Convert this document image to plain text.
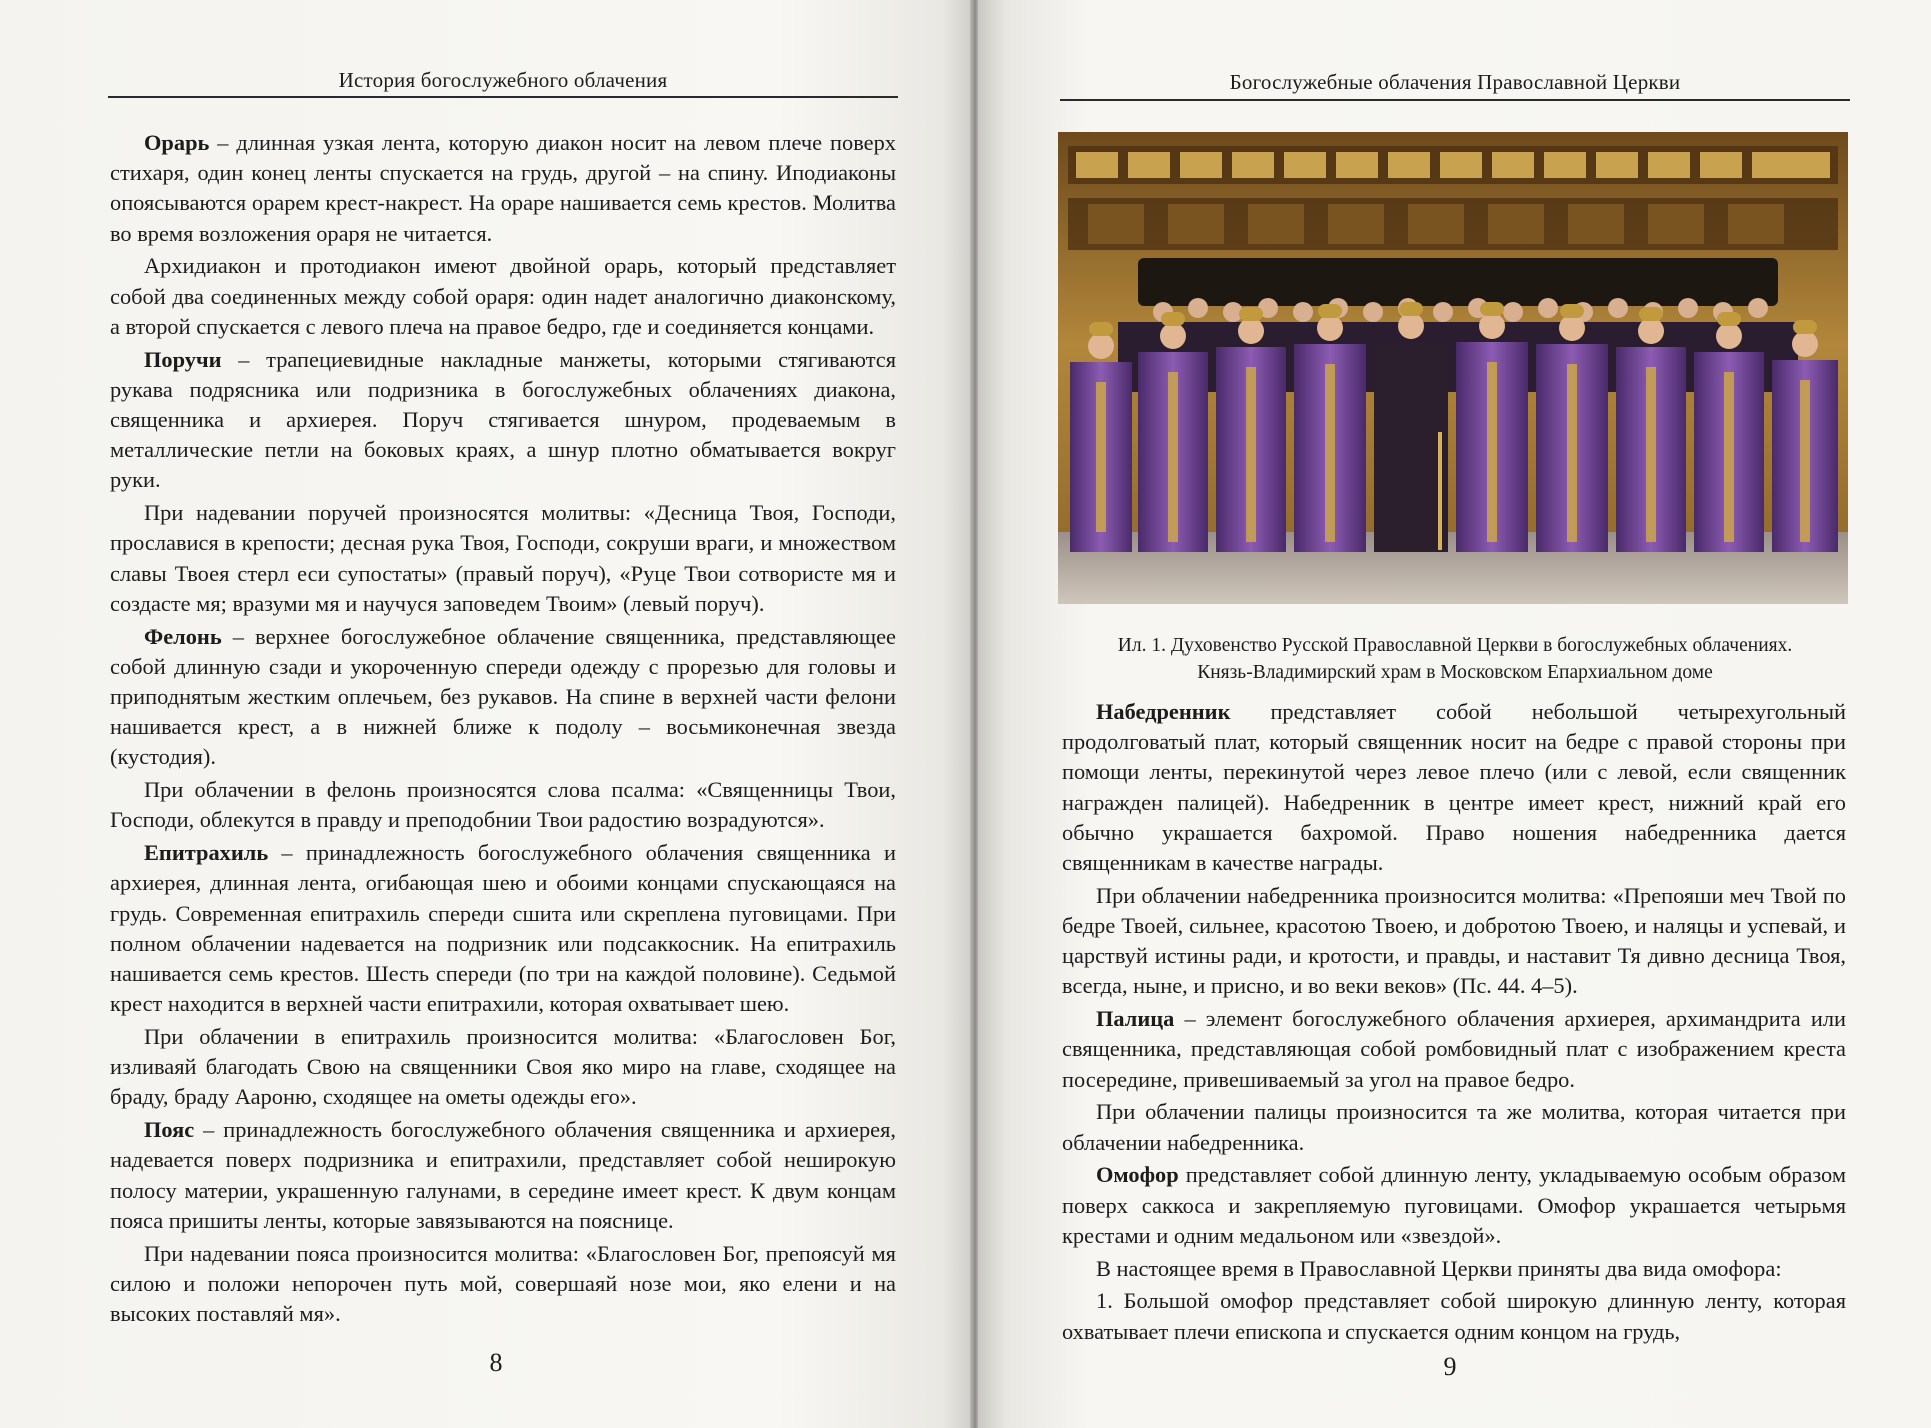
История богослужебного облачения

Орарь – длинная узкая лента, которую диакон носит на левом плече поверх стихаря, один конец ленты спускается на грудь, другой – на спину. Иподиаконы опоясываются орарем крест-накрест. На ораре нашивается семь крестов. Молитва во время возложения ораря не читается.

Архидиакон и протодиакон имеют двойной орарь, который представляет собой два соединенных между собой ораря: один надет аналогично диаконскому, а второй спускается с левого плеча на правое бедро, где и соединяется концами.

Поручи – трапециевидные накладные манжеты, которыми стягиваются рукава подрясника или подризника в богослужебных облачениях диакона, священника и архиерея. Поруч стягивается шнуром, продеваемым в металлические петли на боковых краях, а шнур плотно обматывается вокруг руки.

При надевании поручей произносятся молитвы: «Десница Твоя, Господи, прославися в крепости; десная рука Твоя, Господи, сокруши враги, и множеством славы Твоея стерл еси супостаты» (правый поруч), «Руце Твои сотвористе мя и создасте мя; вразуми мя и научуся заповедем Твоим» (левый поруч).

Фелонь – верхнее богослужебное облачение священника, представляющее собой длинную сзади и укороченную спереди одежду с прорезью для головы и приподнятым жестким оплечьем, без рукавов. На спине в верхней части фелони нашивается крест, а в нижней ближе к подолу – восьмиконечная звезда (кустодия).

При облачении в фелонь произносятся слова псалма: «Священницы Твои, Господи, облекутся в правду и преподобнии Твои радостию возрадуются».

Епитрахиль – принадлежность богослужебного облачения священника и архиерея, длинная лента, огибающая шею и обоими концами спускающаяся на грудь. Современная епитрахиль спереди сшита или скреплена пуговицами. При полном облачении надевается на подризник или подсаккосник. На епитрахиль нашивается семь крестов. Шесть спереди (по три на каждой половине). Седьмой крест находится в верхней части епитрахили, которая охватывает шею.

При облачении в епитрахиль произносится молитва: «Благословен Бог, изливаяй благодать Свою на священники Своя яко миро на главе, сходящее на браду, браду Аароню, сходящее на ометы одежды его».

Пояс – принадлежность богослужебного облачения священника и архиерея, надевается поверх подризника и епитрахили, представляет собой неширокую полосу материи, украшенную галунами, в середине имеет крест. К двум концам пояса пришиты ленты, которые завязываются на пояснице.

При надевании пояса произносится молитва: «Благословен Бог, препоясуй мя силою и положи непорочен путь мой, совершаяй нозе мои, яко елени и на высоких поставляй мя».

8
Богослужебные облачения Православной Церкви
Ил. 1. Духовенство Русской Православной Церкви в богослужебных облачениях.
Князь-Владимирский храм в Московском Епархиальном доме

Набедренник представляет собой небольшой четырехугольный продолговатый плат, который священник носит на бедре с правой стороны при помощи ленты, перекинутой через левое плечо (или с левой, если священник награжден палицей). Набедренник в центре имеет крест, нижний край его обычно украшается бахромой. Право ношения набедренника дается священникам в качестве награды.

При облачении набедренника произносится молитва: «Препояши меч Твой по бедре Твоей, сильнее, красотою Твоею, и добротою Твоею, и наляцы и успевай, и царствуй истины ради, и кротости, и правды, и наставит Тя дивно десница Твоя, всегда, ныне, и присно, и во веки веков» (Пс. 44. 4–5).

Палица – элемент богослужебного облачения архиерея, архимандрита или священника, представляющая собой ромбовидный плат с изображением креста посередине, привешиваемый за угол на правое бедро.

При облачении палицы произносится та же молитва, которая читается при облачении набедренника.

Омофор представляет собой длинную ленту, укладываемую особым образом поверх саккоса и закрепляемую пуговицами. Омофор украшается четырьмя крестами и одним медальоном или «звездой».

В настоящее время в Православной Церкви приняты два вида омофора:

1. Большой омофор представляет собой широкую длинную ленту, которая охватывает плечи епископа и спускается одним концом на грудь,

9
